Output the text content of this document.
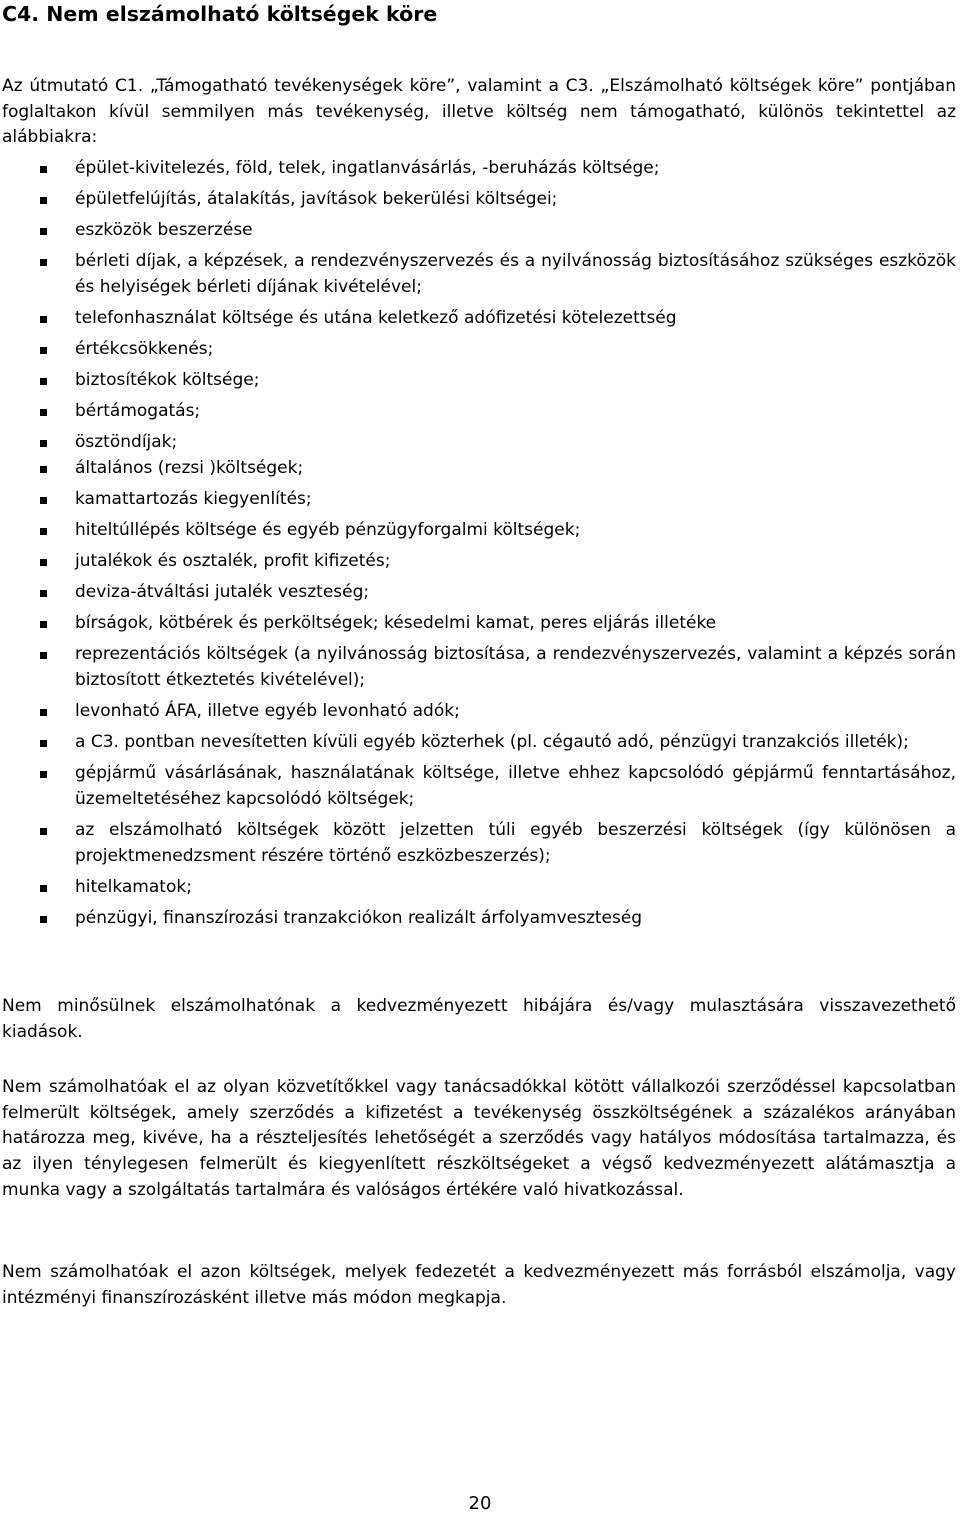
C4. Nem elszámolható költségek köre

Az útmutató C1. „Támogatható tevékenységek köre”, valamint a C3. „Elszámolható költségek köre” pontjában foglaltakon kívül semmilyen más tevékenység, illetve költség nem támogatható, különös tekintettel az alábbiakra:

épület-kivitelezés, föld, telek, ingatlanvásárlás, -beruházás költsége;
épületfelújítás, átalakítás, javítások bekerülési költségei;
eszközök beszerzése
bérleti díjak, a képzések, a rendezvényszervezés és a nyilvánosság biztosításához szükséges eszközök és helyiségek bérleti díjának kivételével;
telefonhasználat költsége és utána keletkező adófizetési kötelezettség
értékcsökkenés;
biztosítékok költsége;
bértámogatás;
ösztöndíjak;
általános (rezsi )költségek;
kamattartozás kiegyenlítés;
hiteltúllépés költsége és egyéb pénzügyforgalmi költségek;
jutalékok és osztalék, profit kifizetés;
deviza-átváltási jutalék veszteség;
bírságok, kötbérek és perköltségek; késedelmi kamat, peres eljárás illetéke
reprezentációs költségek (a nyilvánosság biztosítása, a rendezvényszervezés, valamint a képzés során biztosított étkeztetés kivételével);
levonható ÁFA, illetve egyéb levonható adók;
a C3. pontban nevesítetten kívüli egyéb közterhek (pl. cégautó adó, pénzügyi tranzakciós illeték);
gépjármű vásárlásának, használatának költsége, illetve ehhez kapcsolódó gépjármű fenntartásához, üzemeltetéséhez kapcsolódó költségek;
az elszámolható költségek között jelzetten túli egyéb beszerzési költségek (így különösen a projektmenedzsment részére történő eszközbeszerzés);
hitelkamatok;
pénzügyi, finanszírozási tranzakciókon realizált árfolyamveszteség

Nem minősülnek elszámolhatónak a kedvezményezett hibájára és/vagy mulasztására visszavezethető kiadások.

Nem számolhatóak el az olyan közvetítőkkel vagy tanácsadókkal kötött vállalkozói szerződéssel kapcsolatban felmerült költségek, amely szerződés a kifizetést a tevékenység összköltségének a százalékos arányában határozza meg, kivéve, ha a részteljesítés lehetőségét a szerződés vagy hatályos módosítása tartalmazza, és az ilyen ténylegesen felmerült és kiegyenlített részköltségeket a végső kedvezményezett alátámasztja a munka vagy a szolgáltatás tartalmára és valóságos értékére való hivatkozással.

Nem számolhatóak el azon költségek, melyek fedezetét a kedvezményezett más forrásból elszámolja, vagy intézményi finanszírozásként illetve más módon megkapja.

20
